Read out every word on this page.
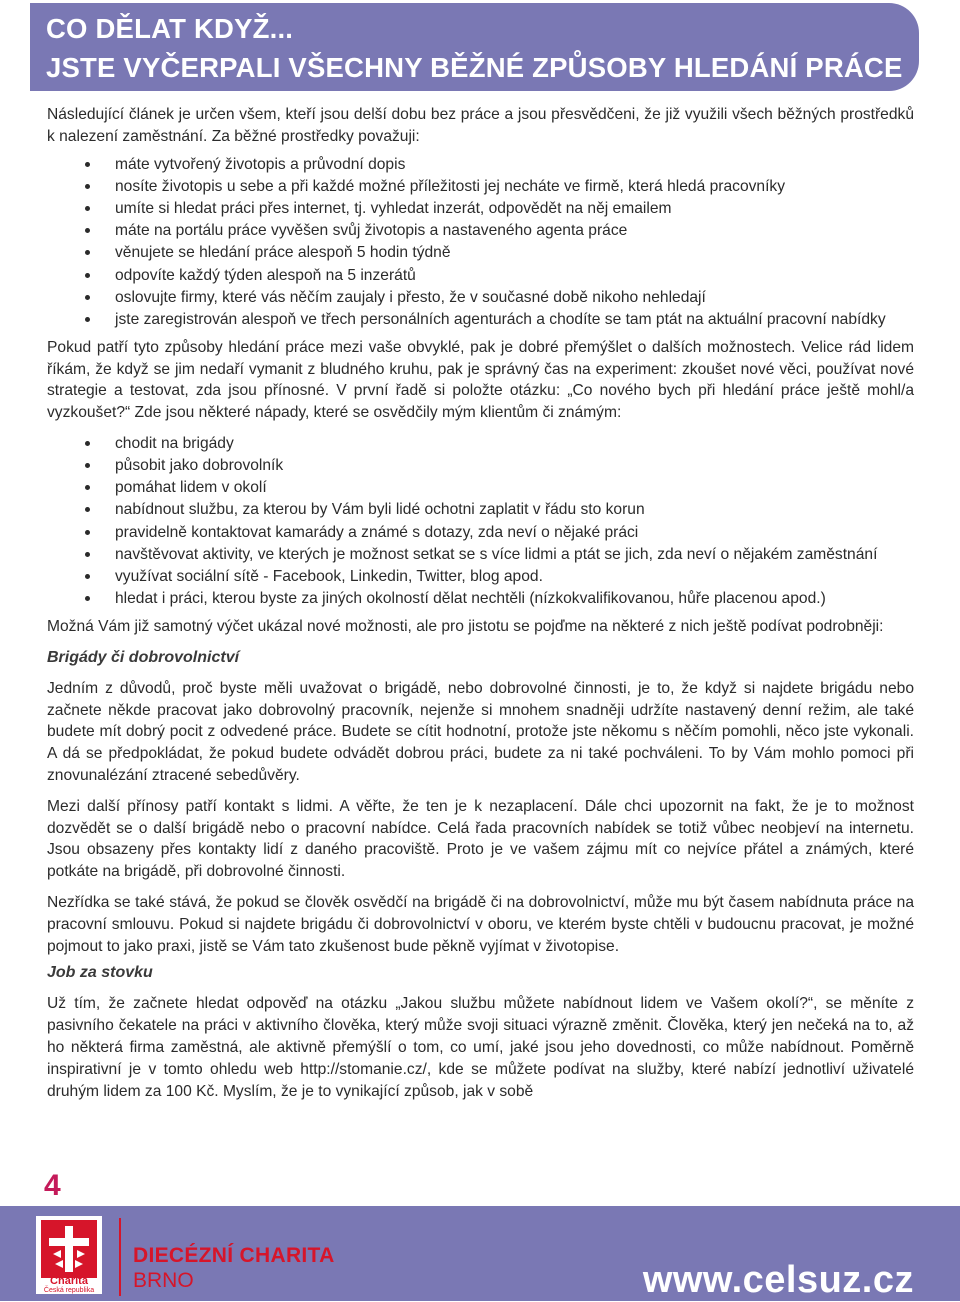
CO DĚLAT KDYŽ...
JSTE VYČERPALI VŠECHNY BĚŽNÉ ZPŮSOBY HLEDÁNÍ PRÁCE

Následující článek je určen všem, kteří jsou delší dobu bez práce a jsou přesvědčeni, že již využili všech běžných prostředků k nalezení zaměstnání. Za běžné prostředky považuji:

máte vytvořený životopis a průvodní dopis
nosíte životopis u sebe a při každé možné příležitosti jej necháte ve firmě, která hledá pracovníky
umíte si hledat práci přes internet, tj. vyhledat inzerát, odpovědět na něj emailem
máte na portálu práce vyvěšen svůj životopis a nastaveného agenta práce
věnujete se hledání práce alespoň 5 hodin týdně
odpovíte každý týden alespoň na 5 inzerátů
oslovujte firmy, které vás něčím zaujaly i přesto, že v současné době nikoho nehledají
jste zaregistrován alespoň ve třech personálních agenturách a chodíte se tam ptát na aktuální pracovní nabídky

Pokud patří tyto způsoby hledání práce mezi vaše obvyklé, pak je dobré přemýšlet o dalších možnostech. Velice rád lidem říkám, že když se jim nedaří vymanit z bludného kruhu, pak je správný čas na experiment: zkoušet nové věci, používat nové strategie a testovat, zda jsou přínosné. V první řadě si položte otázku: „Co nového bych při hledání práce ještě mohl/a vyzkoušet?“ Zde jsou některé nápady, které se osvědčily mým klientům či známým:

chodit na brigády
působit jako dobrovolník
pomáhat lidem v okolí
nabídnout službu, za kterou by Vám byli lidé ochotni zaplatit v řádu sto korun
pravidelně kontaktovat kamarády a známé s dotazy, zda neví o nějaké práci
navštěvovat aktivity, ve kterých je možnost setkat se s více lidmi a ptát se jich, zda neví o nějakém zaměstnání
využívat sociální sítě - Facebook, Linkedin, Twitter, blog apod.
hledat i práci, kterou byste za jiných okolností dělat nechtěli (nízkokvalifikovanou, hůře placenou apod.)

Možná Vám již samotný výčet ukázal nové možnosti, ale pro jistotu se pojďme na některé z nich ještě podívat podrobněji:

Brigády či dobrovolnictví

Jedním z důvodů, proč byste měli uvažovat o brigádě, nebo dobrovolné činnosti, je to, že když si najdete brigádu nebo začnete někde pracovat jako dobrovolný pracovník, nejenže si mnohem snadněji udržíte nastavený denní režim, ale také budete mít dobrý pocit z odvedené práce. Budete se cítit hodnotní, protože jste někomu s něčím pomohli, něco jste vykonali. A dá se předpokládat, že pokud budete odvádět dobrou práci, budete za ni také pochváleni. To by Vám mohlo pomoci při znovunalézání ztracené sebedůvěry.

Mezi další přínosy patří kontakt s lidmi. A věřte, že ten je k nezaplacení. Dále chci upozornit na fakt, že je to možnost dozvědět se o další brigádě nebo o pracovní nabídce. Celá řada pracovních nabídek se totiž vůbec neobjeví na internetu. Jsou obsazeny přes kontakty lidí z daného pracoviště. Proto je ve vašem zájmu mít co nejvíce přátel a známých, které potkáte na brigádě, při dobrovolné činnosti.

Nezřídka se také stává, že pokud se člověk osvědčí na brigádě či na dobrovolnictví, může mu být časem nabídnuta práce na pracovní smlouvu. Pokud si najdete brigádu či dobrovolnictví v oboru, ve kterém byste chtěli v budoucnu pracovat, je možné pojmout to jako praxi, jistě se Vám tato zkušenost bude pěkně vyjímat v životopise.

Job za stovku

Už tím, že začnete hledat odpověď na otázku „Jakou službu můžete nabídnout lidem ve Vašem okolí?“, se měníte z pasivního čekatele na práci v aktivního člověka, který může svoji situaci výrazně změnit. Člověka, který jen nečeká na to, až ho některá firma zaměstná, ale aktivně přemýšlí o tom, co umí, jaké jsou jeho dovednosti, co může nabídnout. Poměrně inspirativní je v tomto ohledu web http://stomanie.cz/, kde se můžete podívat na služby, které nabízí jednotliví uživatelé druhým lidem za 100 Kč. Myslím, že je to vynikající způsob, jak v sobě

4
Charita
Česká republika
DIECÉZNÍ CHARITA
BRNO	www.celsuz.cz
